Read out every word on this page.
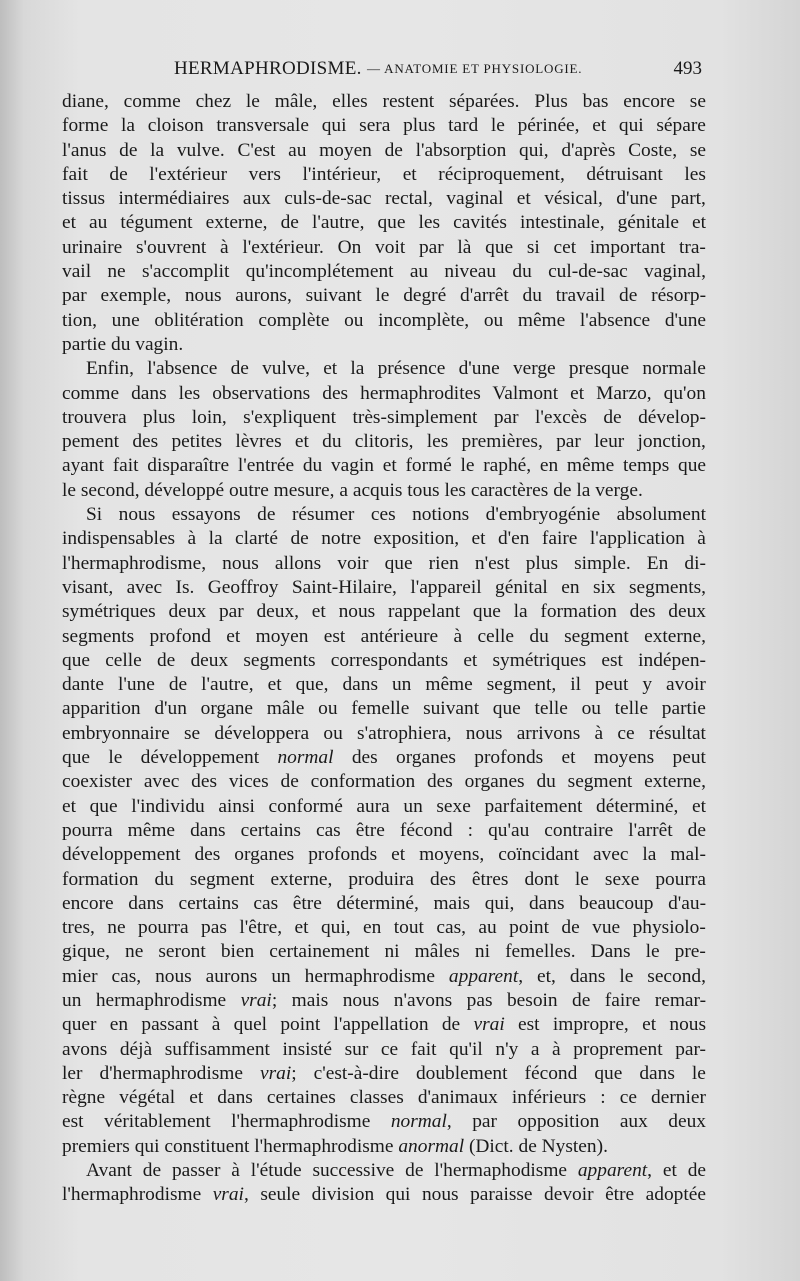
HERMAPHRODISME. — ANATOMIE ET PHYSIOLOGIE.	493

diane, comme chez le mâle, elles restent séparées. Plus bas encore se

forme la cloison transversale qui sera plus tard le périnée, et qui sépare

l'anus de la vulve. C'est au moyen de l'absorption qui, d'après Coste, se

fait de l'extérieur vers l'intérieur, et réciproquement, détruisant les

tissus intermédiaires aux culs-de-sac rectal, vaginal et vésical, d'une part,

et au tégument externe, de l'autre, que les cavités intestinale, génitale et

urinaire s'ouvrent à l'extérieur. On voit par là que si cet important tra-

vail ne s'accomplit qu'incomplétement au niveau du cul-de-sac vaginal,

par exemple, nous aurons, suivant le degré d'arrêt du travail de résorp-

tion, une oblitération complète ou incomplète, ou même l'absence d'une

partie du vagin.

Enfin, l'absence de vulve, et la présence d'une verge presque normale

comme dans les observations des hermaphrodites Valmont et Marzo, qu'on

trouvera plus loin, s'expliquent très-simplement par l'excès de dévelop-

pement des petites lèvres et du clitoris, les premières, par leur jonction,

ayant fait disparaître l'entrée du vagin et formé le raphé, en même temps que

le second, développé outre mesure, a acquis tous les caractères de la verge.

Si nous essayons de résumer ces notions d'embryogénie absolument

indispensables à la clarté de notre exposition, et d'en faire l'application à

l'hermaphrodisme, nous allons voir que rien n'est plus simple. En di-

visant, avec Is. Geoffroy Saint-Hilaire, l'appareil génital en six segments,

symétriques deux par deux, et nous rappelant que la formation des deux

segments profond et moyen est antérieure à celle du segment externe,

que celle de deux segments correspondants et symétriques est indépen-

dante l'une de l'autre, et que, dans un même segment, il peut y avoir

apparition d'un organe mâle ou femelle suivant que telle ou telle partie

embryonnaire se développera ou s'atrophiera, nous arrivons à ce résultat

que le développement normal des organes profonds et moyens peut

coexister avec des vices de conformation des organes du segment externe,

et que l'individu ainsi conformé aura un sexe parfaitement déterminé, et

pourra même dans certains cas être fécond : qu'au contraire l'arrêt de

développement des organes profonds et moyens, coïncidant avec la mal-

formation du segment externe, produira des êtres dont le sexe pourra

encore dans certains cas être déterminé, mais qui, dans beaucoup d'au-

tres, ne pourra pas l'être, et qui, en tout cas, au point de vue physiolo-

gique, ne seront bien certainement ni mâles ni femelles. Dans le pre-

mier cas, nous aurons un hermaphrodisme apparent, et, dans le second,

un hermaphrodisme vrai; mais nous n'avons pas besoin de faire remar-

quer en passant à quel point l'appellation de vrai est impropre, et nous

avons déjà suffisamment insisté sur ce fait qu'il n'y a à proprement par-

ler d'hermaphrodisme vrai; c'est-à-dire doublement fécond que dans le

règne végétal et dans certaines classes d'animaux inférieurs : ce dernier

est véritablement l'hermaphrodisme normal, par opposition aux deux

premiers qui constituent l'hermaphrodisme anormal (Dict. de Nysten).

Avant de passer à l'étude successive de l'hermaphodisme apparent, et de

l'hermaphrodisme vrai, seule division qui nous paraisse devoir être adoptée
